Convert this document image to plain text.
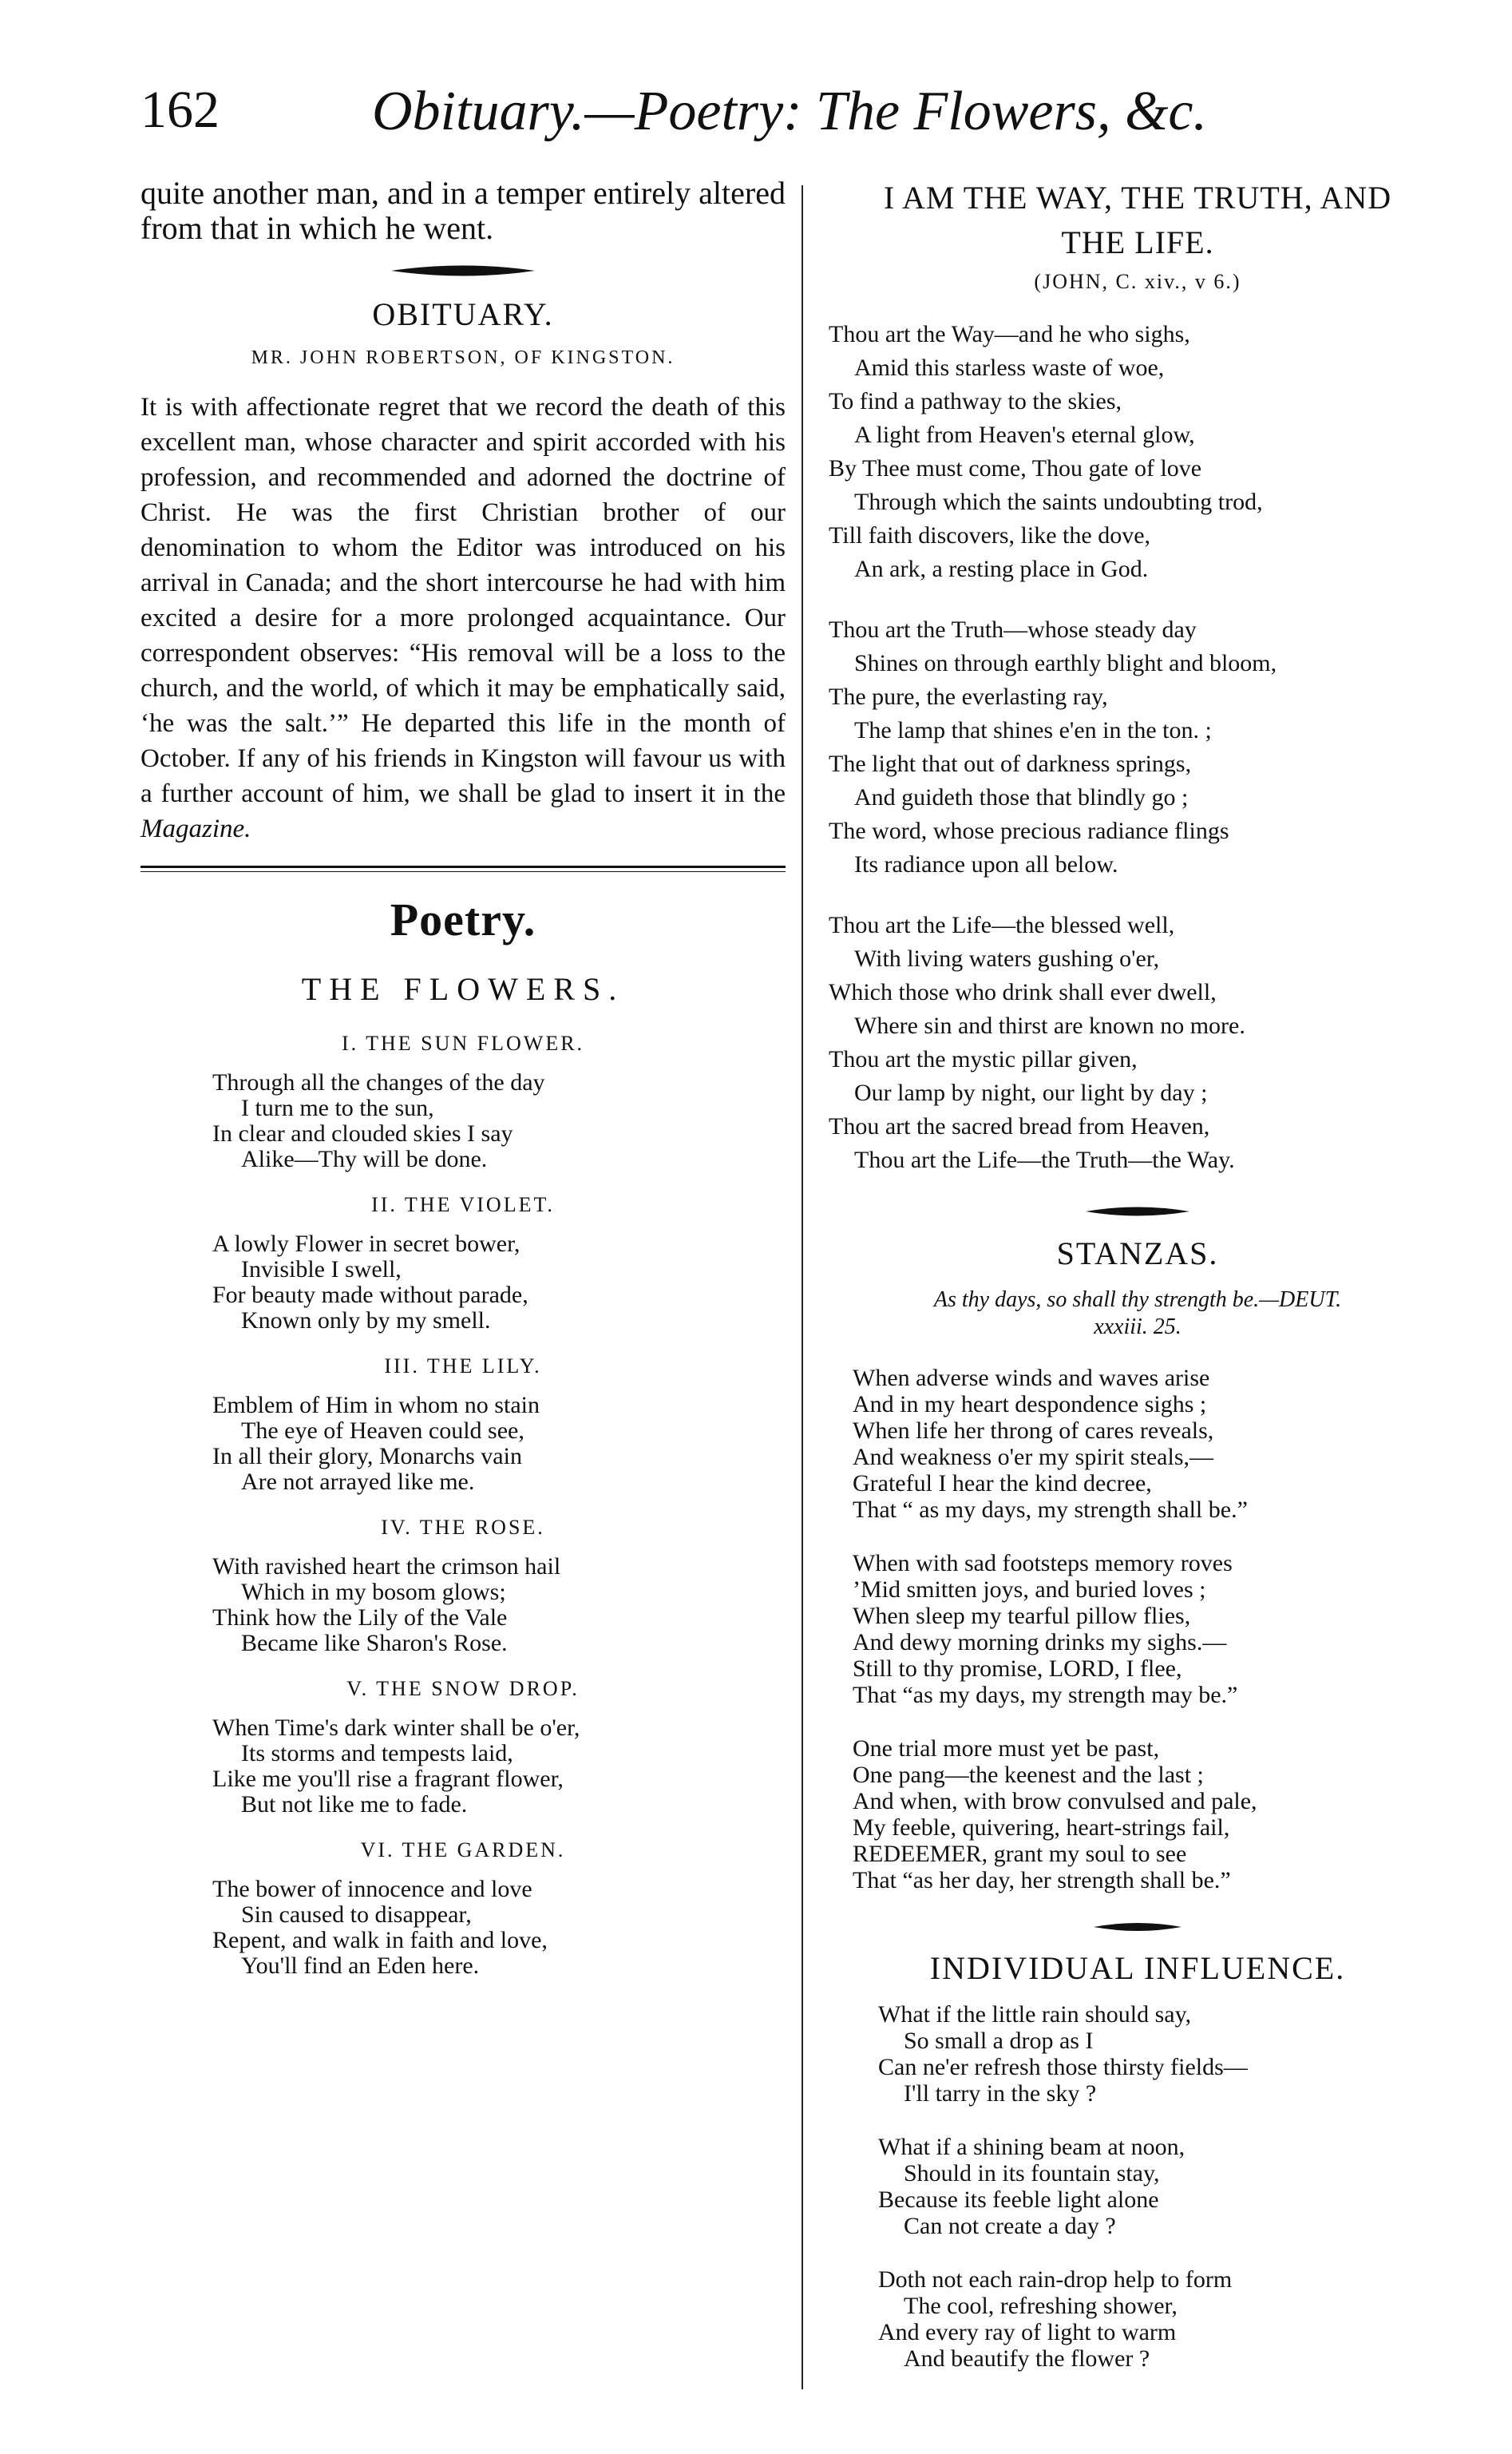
162	Obituary.—Poetry: The Flowers, &c.

quite another man, and in a temper entirely altered from that in which he went.

OBITUARY.
MR. JOHN ROBERTSON, OF KINGSTON.

It is with affectionate regret that we record the death of this excellent man, whose character and spirit accorded with his profession, and recommended and adorned the doctrine of Christ. He was the first Christian brother of our denomination to whom the Editor was introduced on his arrival in Canada; and the short intercourse he had with him excited a desire for a more prolonged acquaintance. Our correspondent observes: “His removal will be a loss to the church, and the world, of which it may be emphatically said, ‘he was the salt.’” He departed this life in the month of October. If any of his friends in Kingston will favour us with a further account of him, we shall be glad to insert it in the Magazine.

Poetry.
THE FLOWERS.
I. THE SUN FLOWER.
Through all the changes of the day
I turn me to the sun,
In clear and clouded skies I say
Alike—Thy will be done.
II. THE VIOLET.
A lowly Flower in secret bower,
Invisible I swell,
For beauty made without parade,
Known only by my smell.
III. THE LILY.
Emblem of Him in whom no stain
The eye of Heaven could see,
In all their glory, Monarchs vain
Are not arrayed like me.
IV. THE ROSE.
With ravished heart the crimson hail
Which in my bosom glows;
Think how the Lily of the Vale
Became like Sharon's Rose.
V. THE SNOW DROP.
When Time's dark winter shall be o'er,
Its storms and tempests laid,
Like me you'll rise a fragrant flower,
But not like me to fade.
VI. THE GARDEN.
The bower of innocence and love
Sin caused to disappear,
Repent, and walk in faith and love,
You'll find an Eden here.
I AM THE WAY, THE TRUTH, AND
THE LIFE.
(JOHN, C. xiv., v 6.)
Thou art the Way—and he who sighs,
Amid this starless waste of woe,
To find a pathway to the skies,
A light from Heaven's eternal glow,
By Thee must come, Thou gate of love
Through which the saints undoubting trod,
Till faith discovers, like the dove,
An ark, a resting place in God.
Thou art the Truth—whose steady day
Shines on through earthly blight and bloom,
The pure, the everlasting ray,
The lamp that shines e'en in the ton. ;
The light that out of darkness springs,
And guideth those that blindly go ;
The word, whose precious radiance flings
Its radiance upon all below.
Thou art the Life—the blessed well,
With living waters gushing o'er,
Which those who drink shall ever dwell,
Where sin and thirst are known no more.
Thou art the mystic pillar given,
Our lamp by night, our light by day ;
Thou art the sacred bread from Heaven,
Thou art the Life—the Truth—the Way.
STANZAS.
As thy days, so shall thy strength be.—DEUT.
xxxiii. 25.
When adverse winds and waves arise
And in my heart despondence sighs ;
When life her throng of cares reveals,
And weakness o'er my spirit steals,—
Grateful I hear the kind decree,
That “ as my days, my strength shall be.”
When with sad footsteps memory roves
’Mid smitten joys, and buried loves ;
When sleep my tearful pillow flies,
And dewy morning drinks my sighs.—
Still to thy promise, LORD, I flee,
That “as my days, my strength may be.”
One trial more must yet be past,
One pang—the keenest and the last ;
And when, with brow convulsed and pale,
My feeble, quivering, heart-strings fail,
REDEEMER, grant my soul to see
That “as her day, her strength shall be.”
INDIVIDUAL INFLUENCE.
What if the little rain should say,
So small a drop as I
Can ne'er refresh those thirsty fields—
I'll tarry in the sky ?
What if a shining beam at noon,
Should in its fountain stay,
Because its feeble light alone
Can not create a day ?
Doth not each rain-drop help to form
The cool, refreshing shower,
And every ray of light to warm
And beautify the flower ?
